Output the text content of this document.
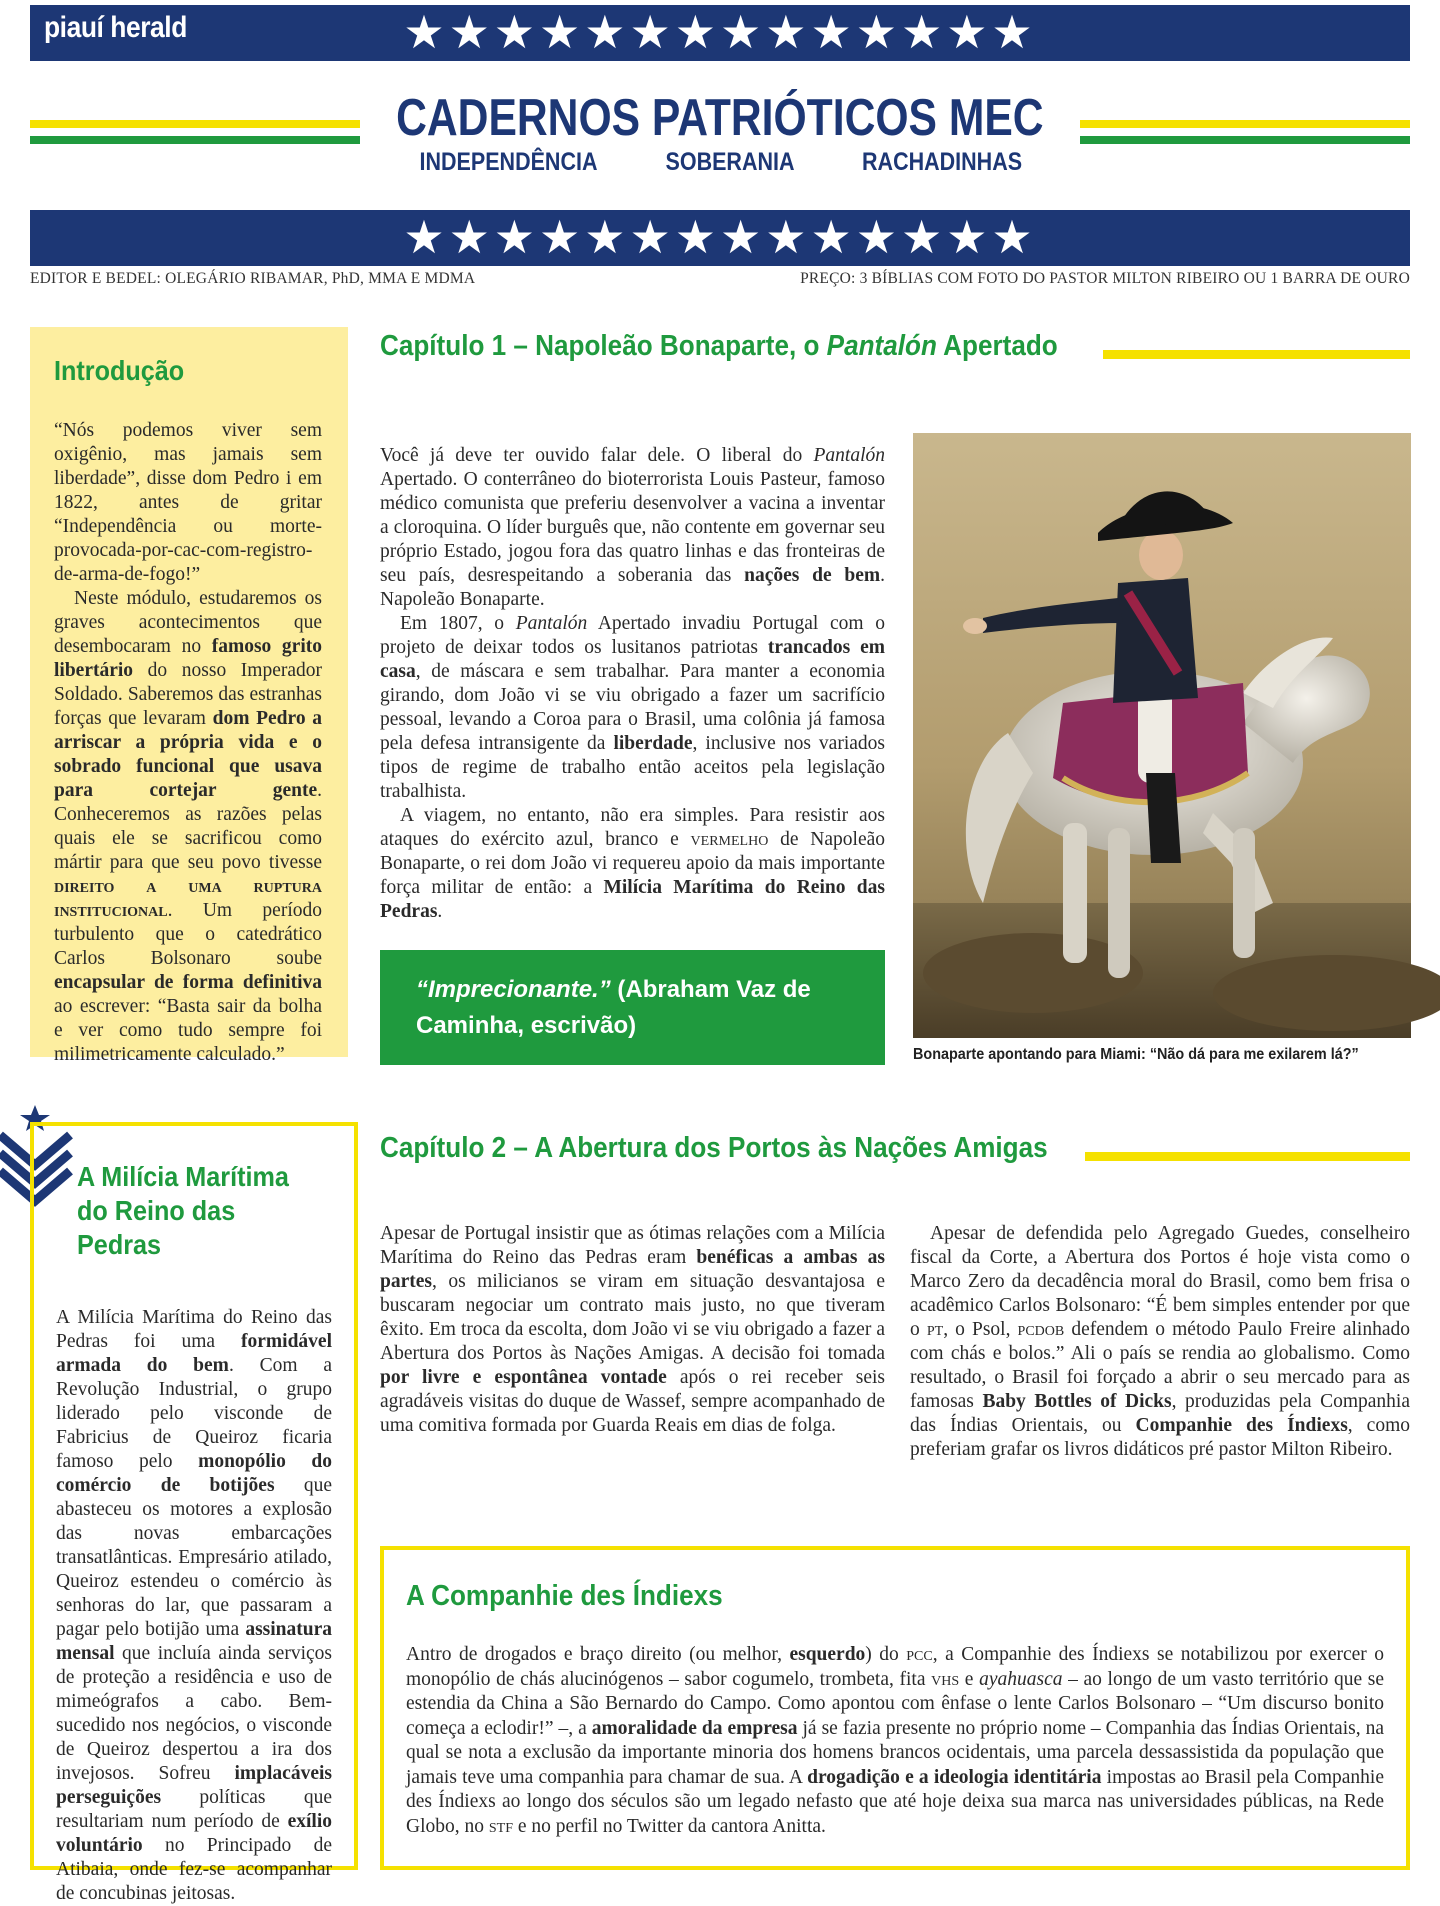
piauí herald	★★★★★★★★★★★★★★
CADERNOS PATRIÓTICOS MEC
INDEPENDÊNCIA	SOBERANIA	RACHADINHAS
★★★★★★★★★★★★★★
EDITOR E BEDEL: OLEGÁRIO RIBAMAR, PhD, MMA E MDMA	PREÇO: 3 BÍBLIAS COM FOTO DO PASTOR MILTON RIBEIRO OU 1 BARRA DE OURO
Introdução

“Nós podemos viver sem oxigênio, mas jamais sem liberdade”, disse dom Pedro i em 1822, antes de gritar “Independência ou morte-provocada-por-cac-com-registro-de-arma-de-fogo!”

Neste módulo, estudaremos os graves acontecimentos que desembocaram no famoso grito libertário do nosso Imperador Soldado. Saberemos das estranhas forças que levaram dom Pedro a arriscar a própria vida e o sobrado funcional que usava para cortejar gente. Conheceremos as razões pelas quais ele se sacrificou como mártir para que seu povo tivesse direito a uma ruptura institucional. Um período turbulento que o catedrático Carlos Bolsonaro soube encapsular de forma definitiva ao escrever: “Basta sair da bolha e ver como tudo sempre foi milimetricamente calculado.”

Capítulo 1 – Napoleão Bonaparte, o Pantalón Apertado

Você já deve ter ouvido falar dele. O liberal do Pantalón Apertado. O conterrâneo do bioterrorista Louis Pasteur, famoso médico comunista que preferiu desenvolver a vacina a inventar a cloroquina. O líder burguês que, não contente em governar seu próprio Estado, jogou fora das quatro linhas e das fronteiras de seu país, desrespeitando a soberania das nações de bem. Napoleão Bonaparte.

Em 1807, o Pantalón Apertado invadiu Portugal com o projeto de deixar todos os lusitanos patriotas trancados em casa, de máscara e sem trabalhar. Para manter a economia girando, dom João vi se viu obrigado a fazer um sacrifício pessoal, levando a Coroa para o Brasil, uma colônia já famosa pela defesa intransigente da liberdade, inclusive nos variados tipos de regime de trabalho então aceitos pela legislação trabalhista.

A viagem, no entanto, não era simples. Para resistir aos ataques do exército azul, branco e vermelho de Napoleão Bonaparte, o rei dom João vi requereu apoio da mais importante força militar de então: a Milícia Marítima do Reino das Pedras.

“Imprecionante.” (Abraham Vaz de Caminha, escrivão)
Bonaparte apontando para Miami: “Não dá para me exilarem lá?”
A Milícia Marítima
do Reino das Pedras

A Milícia Marítima do Reino das Pedras foi uma formidável armada do bem. Com a Revolução Industrial, o grupo liderado pelo visconde de Fabricius de Queiroz ficaria famoso pelo monopólio do comércio de botijões que abasteceu os motores a explosão das novas embarcações transatlânticas. Empresário atilado, Queiroz estendeu o comércio às senhoras do lar, que passaram a pagar pelo botijão uma assinatura mensal que incluía ainda serviços de proteção a residência e uso de mimeógrafos a cabo. Bem-sucedido nos negócios, o visconde de Queiroz despertou a ira dos invejosos. Sofreu implacáveis perseguições políticas que resultariam num período de exílio voluntário no Principado de Atibaia, onde fez-se acompanhar de concubinas jeitosas.

Capítulo 2 – A Abertura dos Portos às Nações Amigas

Apesar de Portugal insistir que as ótimas relações com a Milícia Marítima do Reino das Pedras eram benéficas a ambas as partes, os milicianos se viram em situação desvantajosa e buscaram negociar um contrato mais justo, no que tiveram êxito. Em troca da escolta, dom João vi se viu obrigado a fazer a Abertura dos Portos às Nações Amigas. A decisão foi tomada por livre e espontânea vontade após o rei receber seis agradáveis visitas do duque de Wassef, sempre acompanhado de uma comitiva formada por Guarda Reais em dias de folga.

Apesar de defendida pelo Agregado Guedes, conselheiro fiscal da Corte, a Abertura dos Portos é hoje vista como o Marco Zero da decadência moral do Brasil, como bem frisa o acadêmico Carlos Bolsonaro: “É bem simples entender por que o pt, o Psol, pcdob defendem o método Paulo Freire alinhado com chás e bolos.” Ali o país se rendia ao globalismo. Como resultado, o Brasil foi forçado a abrir o seu mercado para as famosas Baby Bottles of Dicks, produzidas pela Companhia das Índias Orientais, ou Companhie des Índiexs, como preferiam grafar os livros didáticos pré pastor Milton Ribeiro.

A Companhie des Índiexs

Antro de drogados e braço direito (ou melhor, esquerdo) do pcc, a Companhie des Índiexs se notabilizou por exercer o monopólio de chás alucinógenos – sabor cogumelo, trombeta, fita vhs e ayahuasca – ao longo de um vasto território que se estendia da China a São Bernardo do Campo. Como apontou com ênfase o lente Carlos Bolsonaro – “Um discurso bonito começa a eclodir!” –, a amoralidade da empresa já se fazia presente no próprio nome – Companhia das Índias Orientais, na qual se nota a exclusão da importante minoria dos homens brancos ocidentais, uma parcela dessassistida da população que jamais teve uma companhia para chamar de sua. A drogadição e a ideologia identitária impostas ao Brasil pela Companhie des Índiexs ao longo dos séculos são um legado nefasto que até hoje deixa sua marca nas universidades públicas, na Rede Globo, no stf e no perfil no Twitter da cantora Anitta.
